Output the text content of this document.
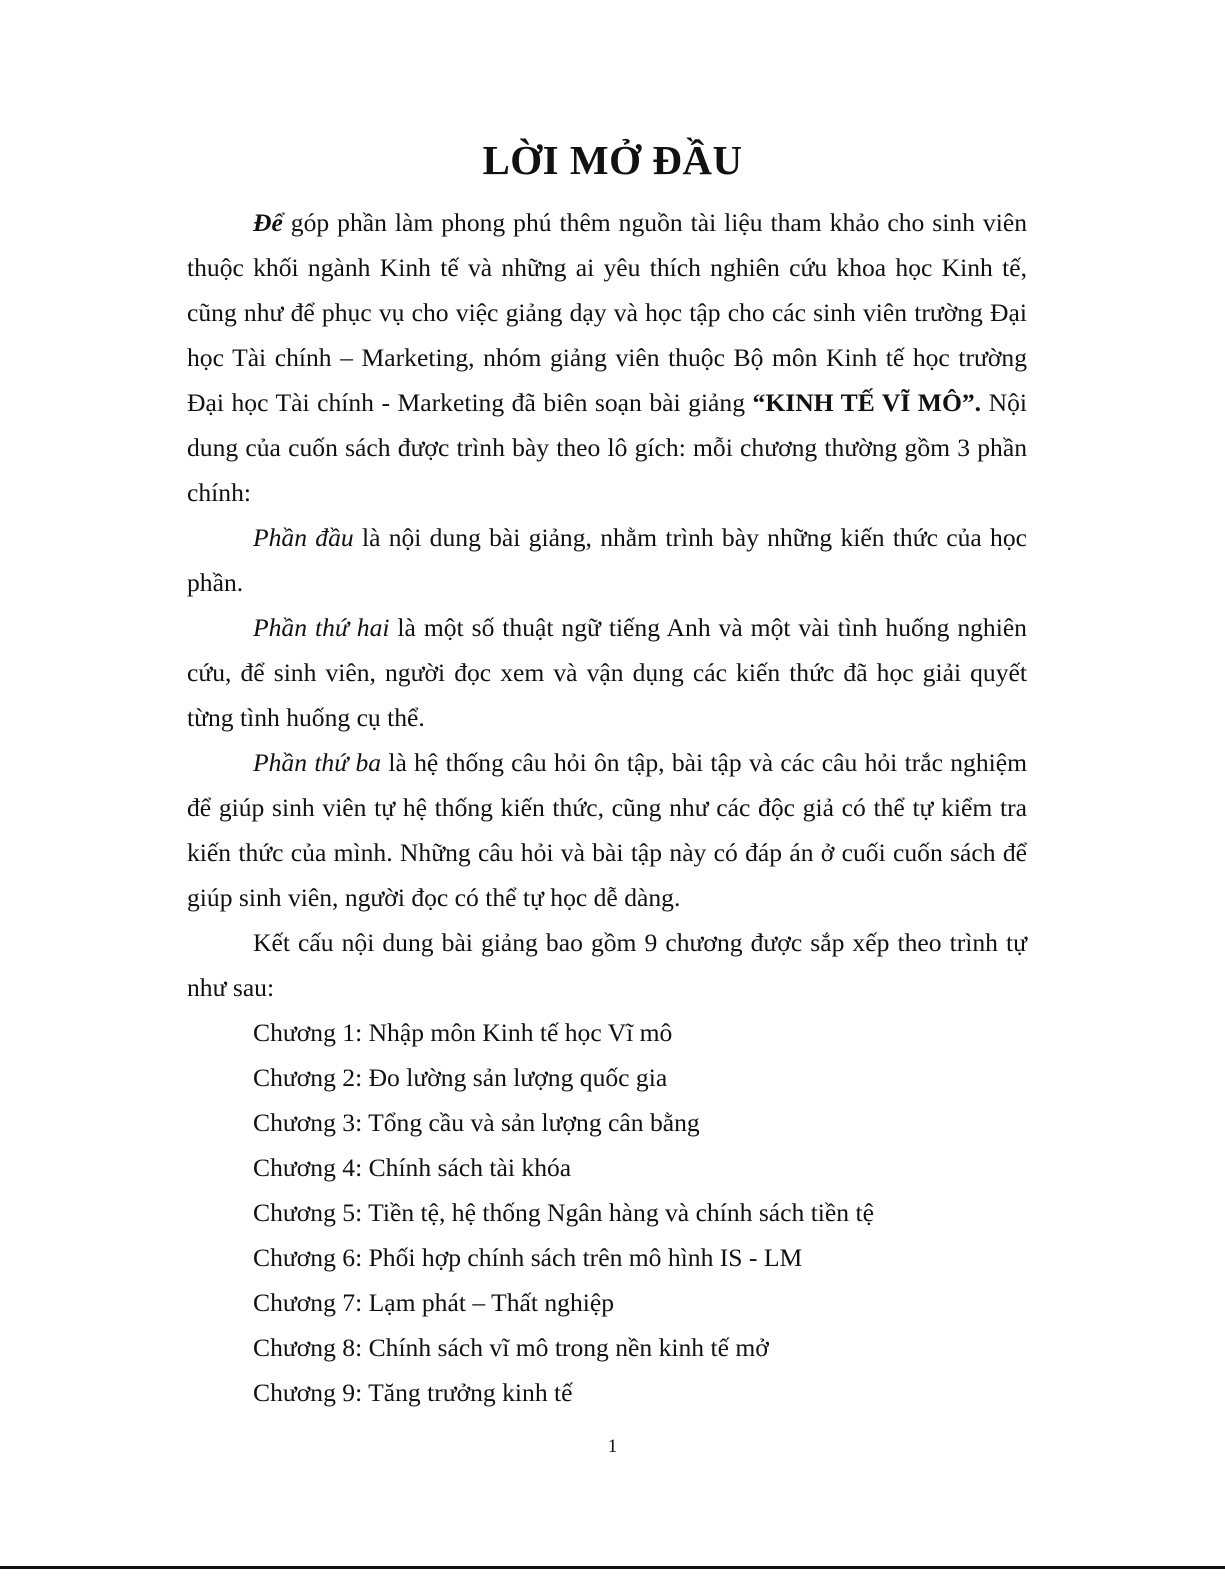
LỜI MỞ ĐẦU

Để góp phần làm phong phú thêm nguồn tài liệu tham khảo cho sinh viên thuộc khối ngành Kinh tế và những ai yêu thích nghiên cứu khoa học Kinh tế, cũng như để phục vụ cho việc giảng dạy và học tập cho các sinh viên trường Đại học Tài chính – Marketing, nhóm giảng viên thuộc Bộ môn Kinh tế học trường Đại học Tài chính - Marketing đã biên soạn bài giảng “KINH TẾ VĨ MÔ”. Nội dung của cuốn sách được trình bày theo lô gích: mỗi chương thường gồm 3 phần chính:

Phần đầu là nội dung bài giảng, nhằm trình bày những kiến thức của học phần.

Phần thứ hai là một số thuật ngữ tiếng Anh và một vài tình huống nghiên cứu, để sinh viên, người đọc xem và vận dụng các kiến thức đã học giải quyết từng tình huống cụ thể.

Phần thứ ba là hệ thống câu hỏi ôn tập, bài tập và các câu hỏi trắc nghiệm để giúp sinh viên tự hệ thống kiến thức, cũng như các độc giả có thể tự kiểm tra kiến thức của mình. Những câu hỏi và bài tập này có đáp án ở cuối cuốn sách để giúp sinh viên, người đọc có thể tự học dễ dàng.

Kết cấu nội dung bài giảng bao gồm 9 chương được sắp xếp theo trình tự như sau:

Chương 1: Nhập môn Kinh tế học Vĩ mô
Chương 2: Đo lường sản lượng quốc gia
Chương 3: Tổng cầu và sản lượng cân bằng
Chương 4: Chính sách tài khóa
Chương 5: Tiền tệ, hệ thống Ngân hàng và chính sách tiền tệ
Chương 6: Phối hợp chính sách trên mô hình IS - LM
Chương 7: Lạm phát – Thất nghiệp
Chương 8: Chính sách vĩ mô trong nền kinh tế mở
Chương 9: Tăng trưởng kinh tế
1
